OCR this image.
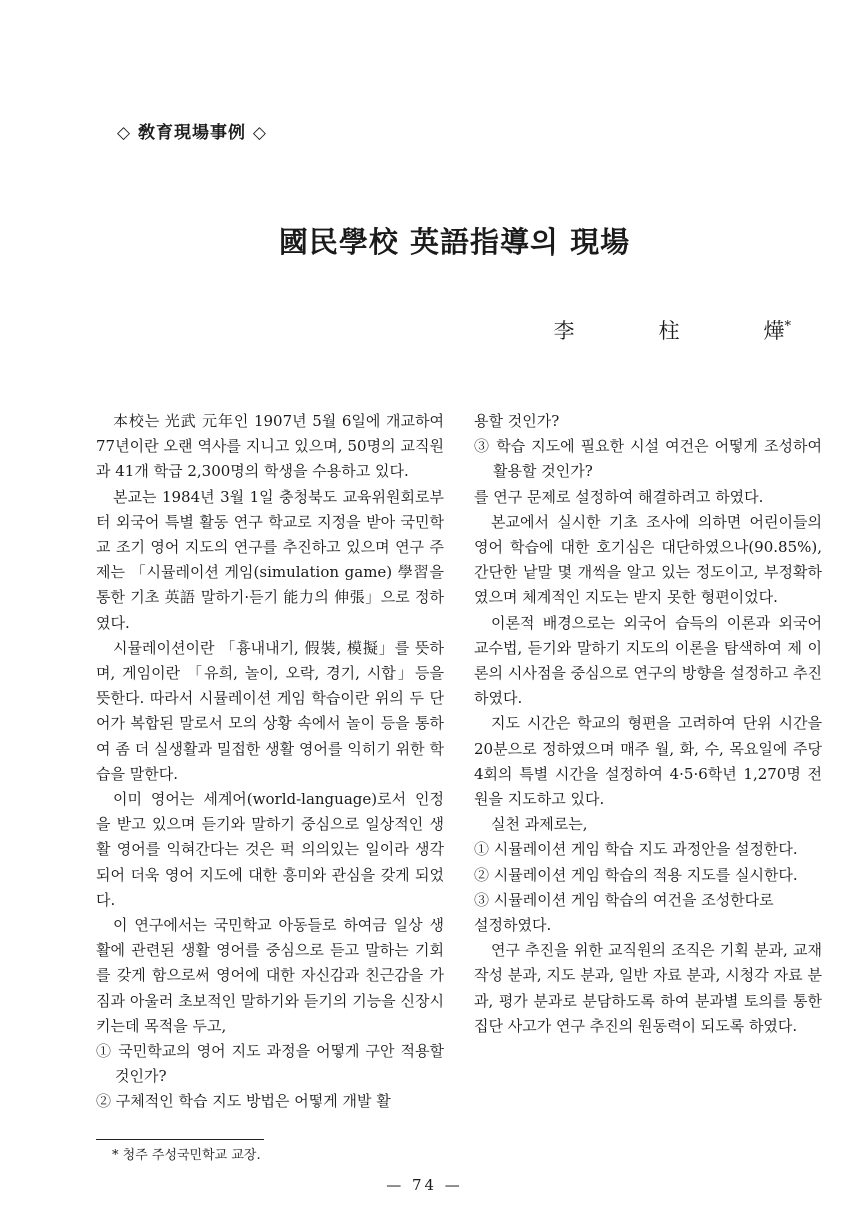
◇ 敎育現場事例 ◇
國民學校 英語指導의 現場
李	柱	燁*

本校는 光武 元年인 1907년 5월 6일에 개교하여 77년이란 오랜 역사를 지니고 있으며, 50명의 교직원과 41개 학급 2,300명의 학생을 수용하고 있다.

본교는 1984년 3월 1일 충청북도 교육위원회로부터 외국어 특별 활동 연구 학교로 지정을 받아 국민학교 조기 영어 지도의 연구를 추진하고 있으며 연구 주제는 「시뮬레이션 게임(simulation game) 學習을 통한 기초 英語 말하기·듣기 能力의 伸張」으로 정하였다.

시뮬레이션이란 「흉내내기, 假裝, 模擬」를 뜻하며, 게임이란 「유희, 놀이, 오락, 경기, 시합」등을 뜻한다. 따라서 시뮬레이션 게임 학습이란 위의 두 단어가 복합된 말로서 모의 상황 속에서 놀이 등을 통하여 좀 더 실생활과 밀접한 생활 영어를 익히기 위한 학습을 말한다.

이미 영어는 세계어(world-language)로서 인정을 받고 있으며 듣기와 말하기 중심으로 일상적인 생활 영어를 익혀간다는 것은 퍽 의의있는 일이라 생각되어 더욱 영어 지도에 대한 흥미와 관심을 갖게 되었다.

이 연구에서는 국민학교 아동들로 하여금 일상 생활에 관련된 생활 영어를 중심으로 듣고 말하는 기회를 갖게 함으로써 영어에 대한 자신감과 친근감을 가짐과 아울러 초보적인 말하기와 듣기의 기능을 신장시키는데 목적을 두고,

① 국민학교의 영어 지도 과정을 어떻게 구안 적용할 것인가?

② 구체적인 학습 지도 방법은 어떻게 개발 활

용할 것인가?

③ 학습 지도에 필요한 시설 여건은 어떻게 조성하여 활용할 것인가?

를 연구 문제로 설정하여 해결하려고 하였다.

본교에서 실시한 기초 조사에 의하면 어린이들의 영어 학습에 대한 호기심은 대단하였으나(90.85%), 간단한 낱말 몇 개씩을 알고 있는 정도이고, 부정확하였으며 체계적인 지도는 받지 못한 형편이었다.

이론적 배경으로는 외국어 습득의 이론과 외국어 교수법, 듣기와 말하기 지도의 이론을 탐색하여 제 이론의 시사점을 중심으로 연구의 방향을 설정하고 추진하였다.

지도 시간은 학교의 형편을 고려하여 단위 시간을 20분으로 정하였으며 매주 월, 화, 수, 목요일에 주당 4회의 특별 시간을 설정하여 4·5·6학년 1,270명 전원을 지도하고 있다.

실천 과제로는,

① 시뮬레이션 게임 학습 지도 과정안을 설정한다.

② 시뮬레이션 게임 학습의 적용 지도를 실시한다.

③ 시뮬레이션 게임 학습의 여건을 조성한다로

설정하였다.

연구 추진을 위한 교직원의 조직은 기획 분과, 교재 작성 분과, 지도 분과, 일반 자료 분과, 시청각 자료 분과, 평가 분과로 분담하도록 하여 분과별 토의를 통한 집단 사고가 연구 추진의 원동력이 되도록 하였다.

* 청주 주성국민학교 교장.
— 74 —
